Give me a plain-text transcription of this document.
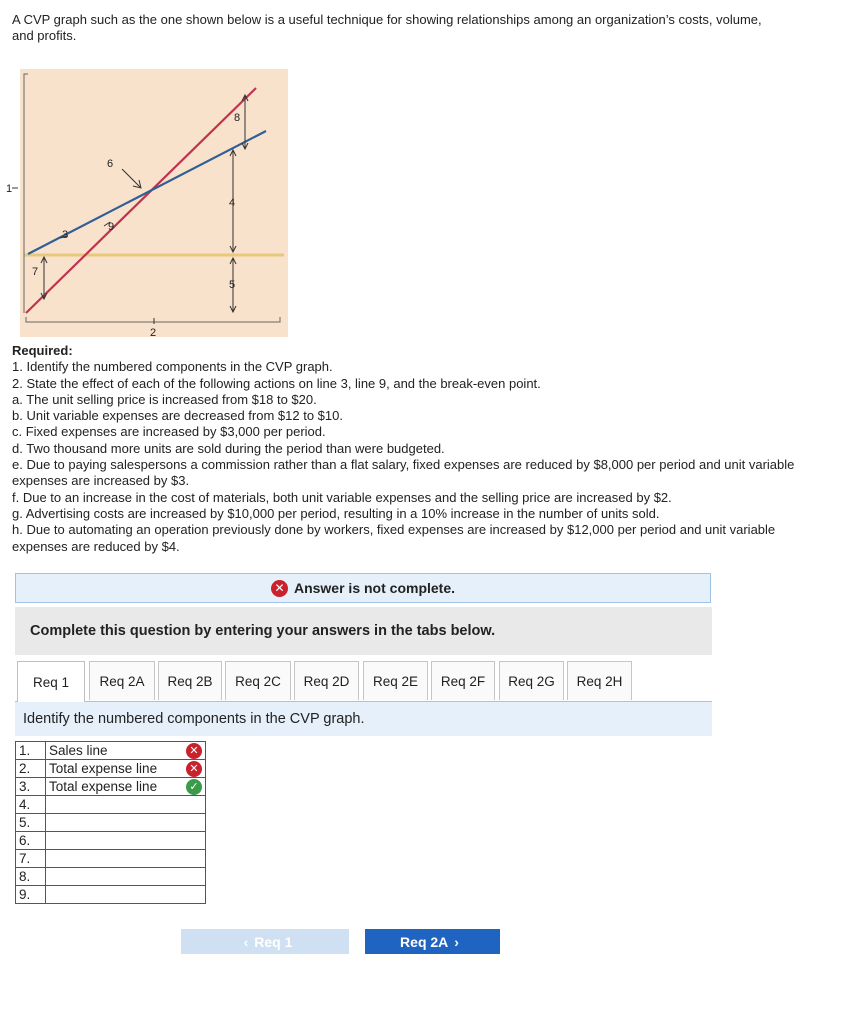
A CVP graph such as the one shown below is a useful technique for showing relationships among an organization’s costs, volume, and profits.
1
2
3
4
5
6
7
8
9
Required:
1. Identify the numbered components in the CVP graph.
2. State the effect of each of the following actions on line 3, line 9, and the break-even point.
a. The unit selling price is increased from $18 to $20.
b. Unit variable expenses are decreased from $12 to $10.
c. Fixed expenses are increased by $3,000 per period.
d. Two thousand more units are sold during the period than were budgeted.
e. Due to paying salespersons a commission rather than a flat salary, fixed expenses are reduced by $8,000 per period and unit variable expenses are increased by $3.
f. Due to an increase in the cost of materials, both unit variable expenses and the selling price are increased by $2.
g. Advertising costs are increased by $10,000 per period, resulting in a 10% increase in the number of units sold.
h. Due to automating an operation previously done by workers, fixed expenses are increased by $12,000 per period and unit variable expenses are reduced by $4.
✕ Answer is not complete.
Complete this question by entering your answers in the tabs below.
Req 1	Req 2A	Req 2B	Req 2C	Req 2D	Req 2E	Req 2F	Req 2G	Req 2H
Identify the numbered components in the CVP graph.
1.	Sales line ✕

2.	Total expense line ✕

3.	Total expense line ✓

4.	
5.	
6.	
7.	
8.	
9.	
‹ Req 1	Req 2A ›
